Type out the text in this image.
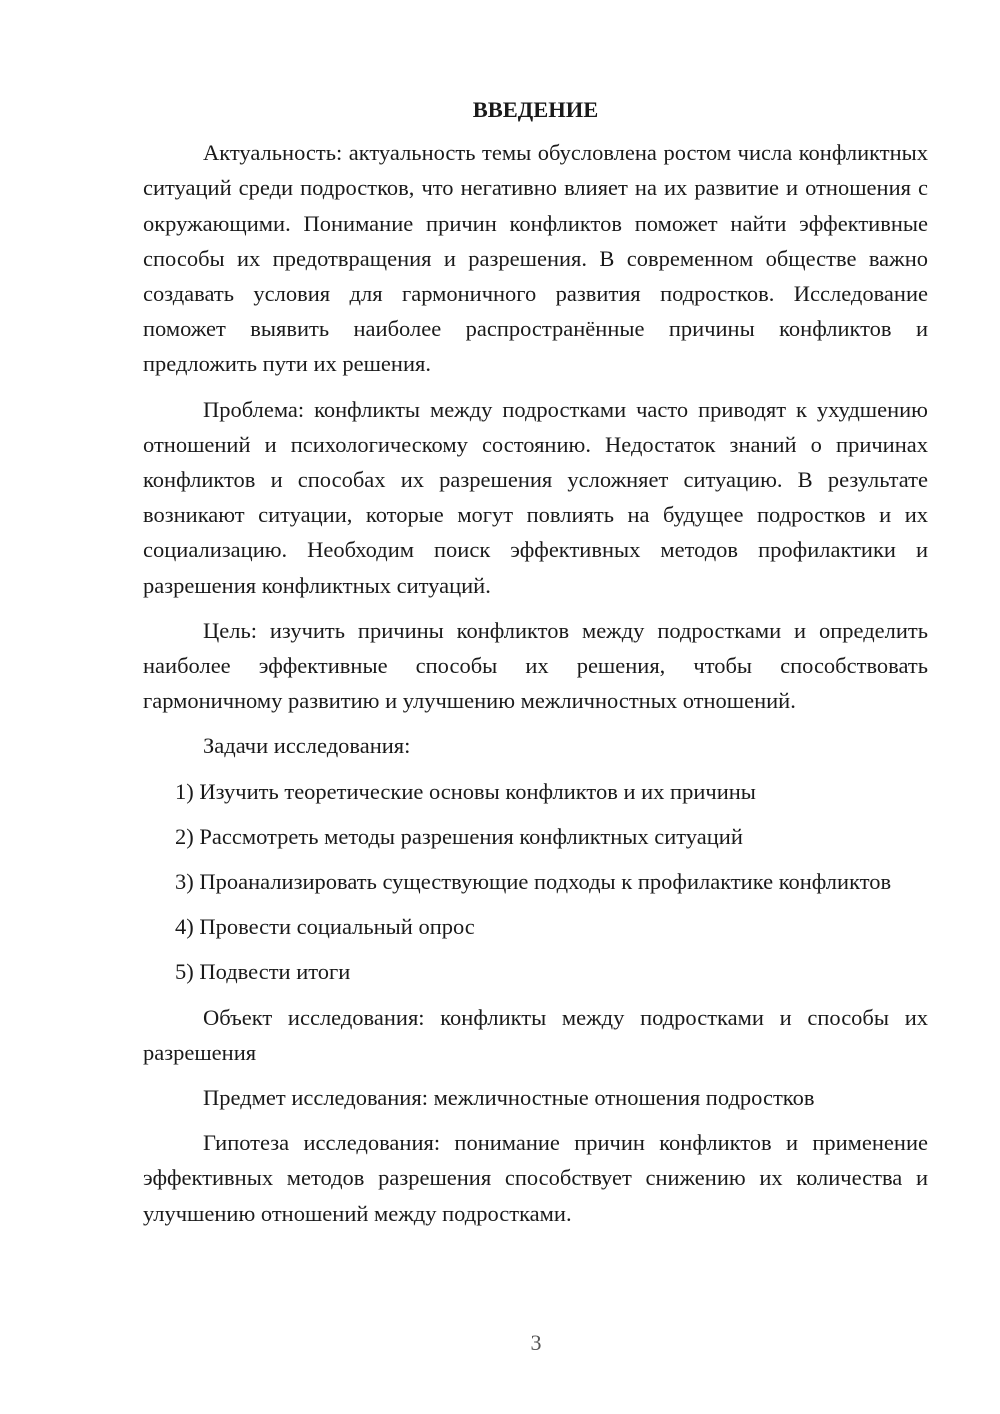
ВВЕДЕНИЕ

Актуальность: актуальность темы обусловлена ростом числа конфликтных ситуаций среди подростков, что негативно влияет на их развитие и отношения с окружающими. Понимание причин конфликтов поможет найти эффективные способы их предотвращения и разрешения. В современном обществе важно создавать условия для гармоничного развития подростков. Исследование поможет выявить наиболее распространённые причины конфликтов и предложить пути их решения.

Проблема: конфликты между подростками часто приводят к ухудшению отношений и психологическому состоянию. Недостаток знаний о причинах конфликтов и способах их разрешения усложняет ситуацию. В результате возникают ситуации, которые могут повлиять на будущее подростков и их социализацию. Необходим поиск эффективных методов профилактики и разрешения конфликтных ситуаций.

Цель: изучить причины конфликтов между подростками и определить наиболее эффективные способы их решения, чтобы способствовать гармоничному развитию и улучшению межличностных отношений.

Задачи исследования:

1) Изучить теоретические основы конфликтов и их причины

2) Рассмотреть методы разрешения конфликтных ситуаций

3) Проанализировать существующие подходы к профилактике конфликтов

4) Провести социальный опрос

5) Подвести итоги

Объект исследования: конфликты между подростками и способы их разрешения

Предмет исследования: межличностные отношения подростков

Гипотеза исследования: понимание причин конфликтов и применение эффективных методов разрешения способствует снижению их количества и улучшению отношений между подростками.

3
